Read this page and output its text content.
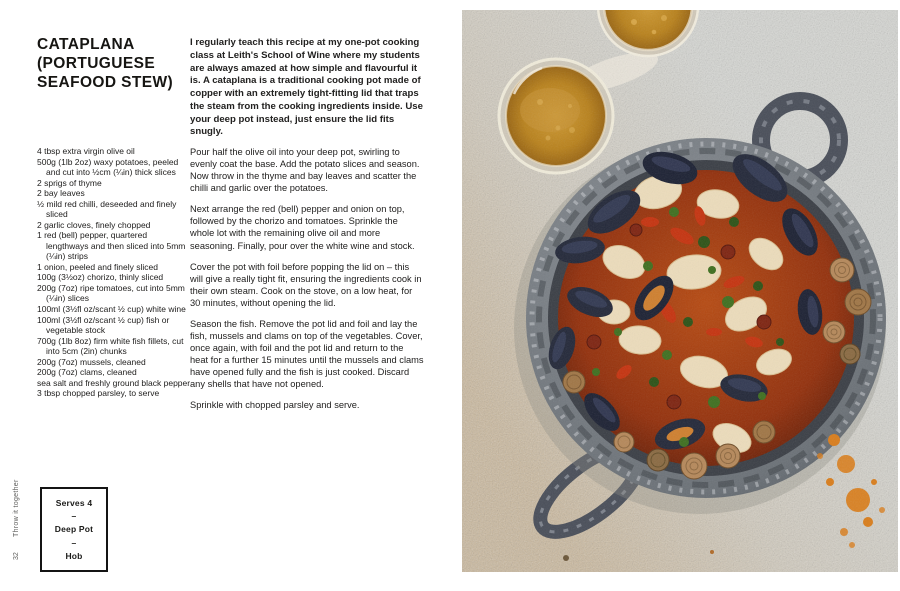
Throw it together
32
CATAPLANA
(PORTUGUESE
SEAFOOD STEW)

I regularly teach this recipe at my one-pot cooking class at Leith's School of Wine where my students are always amazed at how simple and flavourful it is. A cataplana is a traditional cooking pot made of copper with an extremely tight-fitting lid that traps the steam from the cooking ingredients inside. Use your deep pot instead, just ensure the lid fits snugly.

4 tbsp extra virgin olive oil
500g (1lb 2oz) waxy potatoes, peeled and cut into ½cm (¼in) thick slices
2 sprigs of thyme
2 bay leaves
½ mild red chilli, deseeded and finely sliced
2 garlic cloves, finely chopped
1 red (bell) pepper, quartered lengthways and then sliced into 5mm (¼in) strips
1 onion, peeled and finely sliced
100g (3½oz) chorizo, thinly sliced
200g (7oz) ripe tomatoes, cut into 5mm (¼in) slices
100ml (3½fl oz/scant ½ cup) white wine
100ml (3½fl oz/scant ½ cup) fish or vegetable stock
700g (1lb 8oz) firm white fish fillets, cut into 5cm (2in) chunks
200g (7oz) mussels, cleaned
200g (7oz) clams, cleaned
sea salt and freshly ground black pepper
3 tbsp chopped parsley, to serve

Pour half the olive oil into your deep pot, swirling to evenly coat the base. Add the potato slices and season. Now throw in the thyme and bay leaves and scatter the chilli and garlic over the potatoes.

Next arrange the red (bell) pepper and onion on top, followed by the chorizo and tomatoes. Sprinkle the whole lot with the remaining olive oil and more seasoning. Finally, pour over the white wine and stock.

Cover the pot with foil before popping the lid on – this will give a really tight fit, ensuring the ingredients cook in their own steam. Cook on the stove, on a low heat, for 30 minutes, without opening the lid.

Season the fish. Remove the pot lid and foil and lay the fish, mussels and clams on top of the vegetables. Cover, once again, with foil and the pot lid and return to the heat for a further 15 minutes until the mussels and clams have opened fully and the fish is just cooked. Discard any shells that have not opened.

Sprinkle with chopped parsley and serve.

Serves 4
–
Deep Pot
–
Hob
